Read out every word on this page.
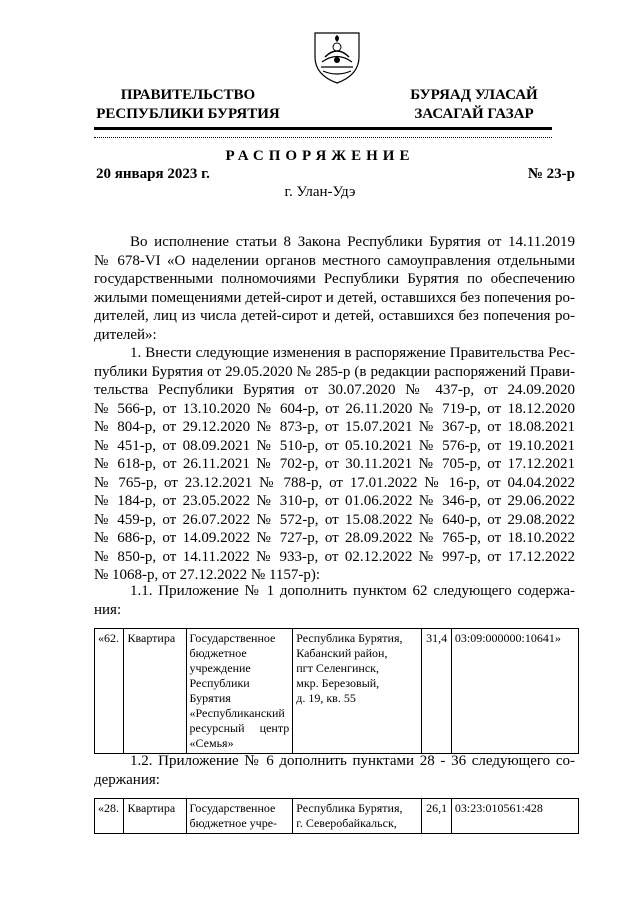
ПРАВИТЕЛЬСТВО
РЕСПУБЛИКИ БУРЯТИЯ
БУРЯАД УЛАСАЙ
ЗАСАГАЙ ГАЗАР
РАСПОРЯЖЕНИЕ
20 января 2023 г.	№ 23-р
г. Улан-Удэ

Во исполнение статьи 8 Закона Республики Бурятия от 14.11.2019

№ 678-VI «О наделении органов местного самоуправления отдельными

государственными полномочиями Республики Бурятия по обеспечению

жилыми помещениями детей-сирот и детей, оставшихся без попечения ро-

дителей, лиц из числа детей-сирот и детей, оставшихся без попечения ро-

дителей»:

1. Внести следующие изменения в распоряжение Правительства Рес-

публики Бурятия от 29.05.2020 № 285-р (в редакции распоряжений Прави-

тельства Республики Бурятия от 30.07.2020 № 437-р, от 24.09.2020

№ 566-р, от 13.10.2020 № 604-р, от 26.11.2020 № 719-р, от 18.12.2020

№ 804-р, от 29.12.2020 № 873-р, от 15.07.2021 № 367-р, от 18.08.2021

№ 451-р, от 08.09.2021 № 510-р, от 05.10.2021 № 576-р, от 19.10.2021

№ 618-р, от 26.11.2021 № 702-р, от 30.11.2021 № 705-р, от 17.12.2021

№ 765-р, от 23.12.2021 № 788-р, от 17.01.2022 № 16-р, от 04.04.2022

№ 184-р, от 23.05.2022 № 310-р, от 01.06.2022 № 346-р, от 29.06.2022

№ 459-р, от 26.07.2022 № 572-р, от 15.08.2022 № 640-р, от 29.08.2022

№ 686-р, от 14.09.2022 № 727-р, от 28.09.2022 № 765-р, от 18.10.2022

№ 850-р, от 14.11.2022 № 933-р, от 02.12.2022 № 997-р, от 17.12.2022

№ 1068-р, от 27.12.2022 № 1157-р):

1.1. Приложение № 1 дополнить пунктом 62 следующего содержа-

ния:

«62.	Квартира	Государственное бюджетное учреждение Республики Бурятия «Республиканский ресурсный центр «Семья»	
Республика Бурятия,
Кабанский район,
пгт Селенгинск,
мкр. Березовый,
д. 19, кв. 55
	31,4	03:09:000000:10641»

1.2. Приложение № 6 дополнить пунктами 28 - 36 следующего со-

держания:

«28.	Квартира	Государственное бюджетное учре-	
Республика Бурятия,
г. Северобайкальск,
	26,1	03:23:010561:428
